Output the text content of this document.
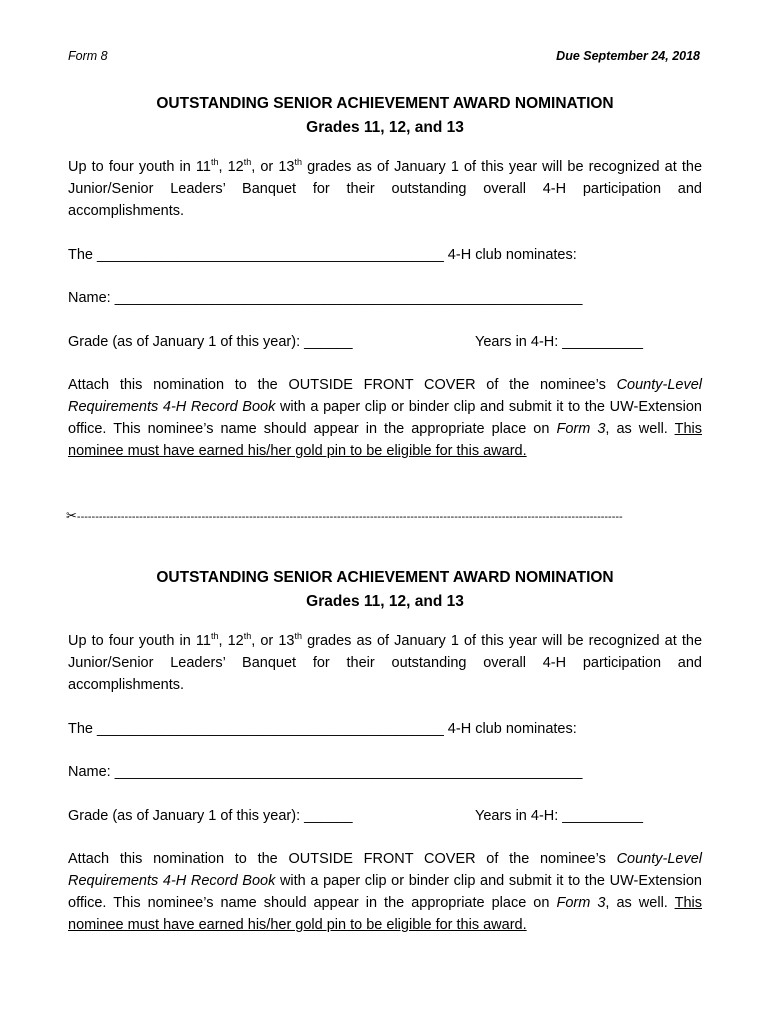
Form 8	Due September 24, 2018
OUTSTANDING SENIOR ACHIEVEMENT AWARD NOMINATION
Grades 11, 12, and 13
Up to four youth in 11th, 12th, or 13th grades as of January 1 of this year will be recognized at the Junior/Senior Leaders’ Banquet for their outstanding overall 4-H participation and accomplishments.
The ___________________________________________ 4-H club nominates:
Name: __________________________________________________________
Grade (as of January 1 of this year): ______	Years in 4-H: __________
Attach this nomination to the OUTSIDE FRONT COVER of the nominee’s County-Level Requirements 4-H Record Book with a paper clip or binder clip and submit it to the UW-Extension office. This nominee’s name should appear in the appropriate place on Form 3, as well. This nominee must have earned his/her gold pin to be eligible for this award.
✂-----------------------------------------------------------------------------------------------------------------------------------------------------
OUTSTANDING SENIOR ACHIEVEMENT AWARD NOMINATION
Grades 11, 12, and 13
Up to four youth in 11th, 12th, or 13th grades as of January 1 of this year will be recognized at the Junior/Senior Leaders’ Banquet for their outstanding overall 4-H participation and accomplishments.
The ___________________________________________ 4-H club nominates:
Name: __________________________________________________________
Grade (as of January 1 of this year): ______	Years in 4-H: __________
Attach this nomination to the OUTSIDE FRONT COVER of the nominee’s County-Level Requirements 4-H Record Book with a paper clip or binder clip and submit it to the UW-Extension office. This nominee’s name should appear in the appropriate place on Form 3, as well. This nominee must have earned his/her gold pin to be eligible for this award.
